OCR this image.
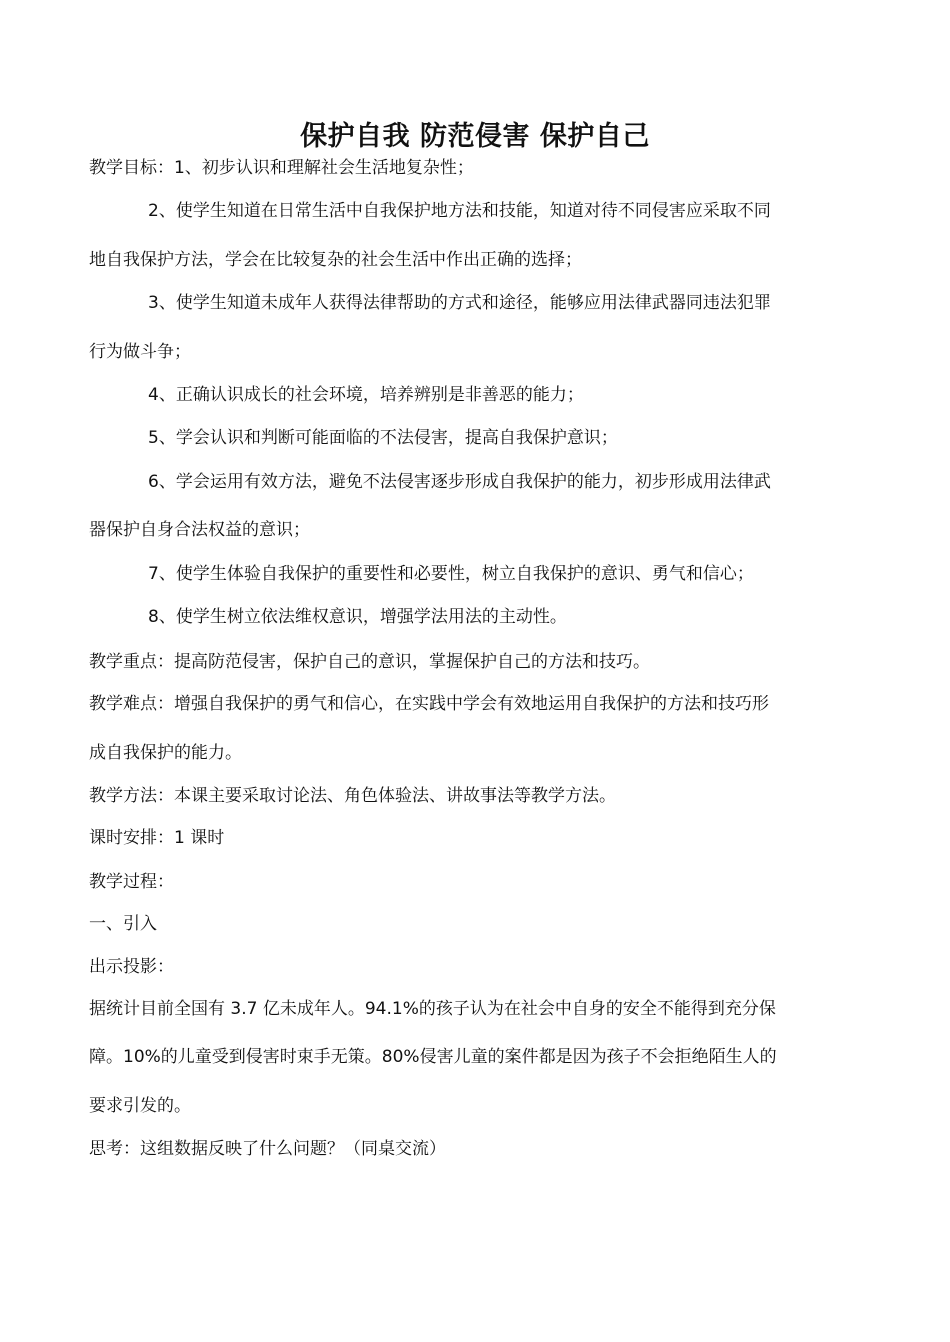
保护自我 防范侵害 保护自己
教学目标：1、初步认识和理解社会生活地复杂性；
2、使学生知道在日常生活中自我保护地方法和技能，知道对待不同侵害应采取不同
地自我保护方法，学会在比较复杂的社会生活中作出正确的选择；
3、使学生知道未成年人获得法律帮助的方式和途径，能够应用法律武器同违法犯罪
行为做斗争；
4、正确认识成长的社会环境，培养辨别是非善恶的能力；
5、学会认识和判断可能面临的不法侵害，提高自我保护意识；
6、学会运用有效方法，避免不法侵害逐步形成自我保护的能力，初步形成用法律武
器保护自身合法权益的意识；
7、使学生体验自我保护的重要性和必要性，树立自我保护的意识、勇气和信心；
8、使学生树立依法维权意识，增强学法用法的主动性。
教学重点：提高防范侵害，保护自己的意识，掌握保护自己的方法和技巧。
教学难点：增强自我保护的勇气和信心，在实践中学会有效地运用自我保护的方法和技巧形
成自我保护的能力。
教学方法：本课主要采取讨论法、角色体验法、讲故事法等教学方法。
课时安排：1 课时
教学过程：
一、引入
出示投影：
据统计目前全国有 3.7 亿未成年人。94.1%的孩子认为在社会中自身的安全不能得到充分保
障。10%的儿童受到侵害时束手无策。80%侵害儿童的案件都是因为孩子不会拒绝陌生人的
要求引发的。
思考：这组数据反映了什么问题？（同桌交流）
